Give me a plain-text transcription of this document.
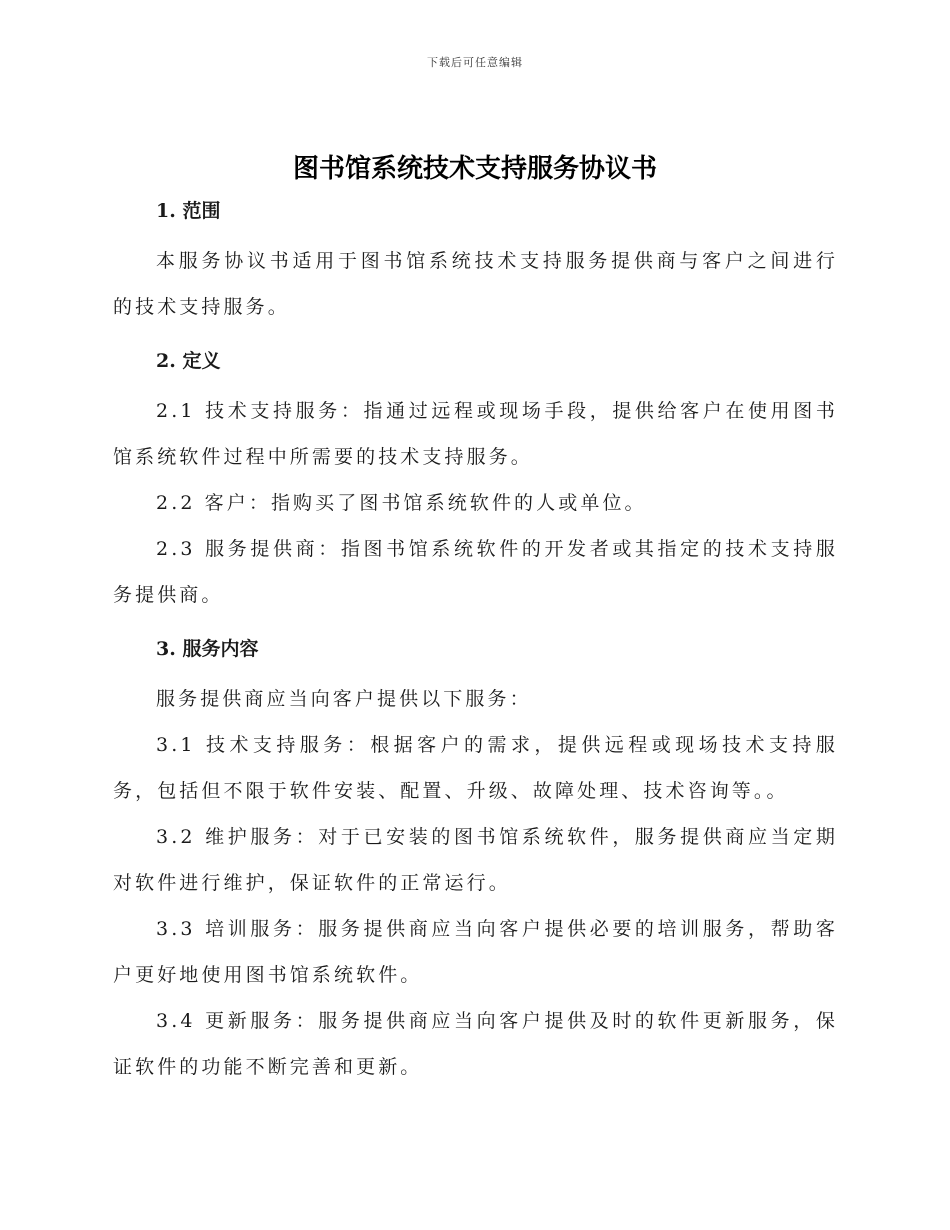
下载后可任意编辑
图书馆系统技术支持服务协议书
1. 范围

本服务协议书适用于图书馆系统技术支持服务提供商与客户之间进行的技术支持服务。

2. 定义

2.1 技术支持服务：指通过远程或现场手段，提供给客户在使用图书馆系统软件过程中所需要的技术支持服务。

2.2 客户：指购买了图书馆系统软件的人或单位。

2.3 服务提供商：指图书馆系统软件的开发者或其指定的技术支持服务提供商。

3. 服务内容

服务提供商应当向客户提供以下服务：

3.1 技术支持服务：根据客户的需求，提供远程或现场技术支持服务，包括但不限于软件安装、配置、升级、故障处理、技术咨询等。。

3.2 维护服务：对于已安装的图书馆系统软件，服务提供商应当定期对软件进行维护，保证软件的正常运行。

3.3 培训服务：服务提供商应当向客户提供必要的培训服务，帮助客户更好地使用图书馆系统软件。

3.4 更新服务：服务提供商应当向客户提供及时的软件更新服务，保证软件的功能不断完善和更新。
